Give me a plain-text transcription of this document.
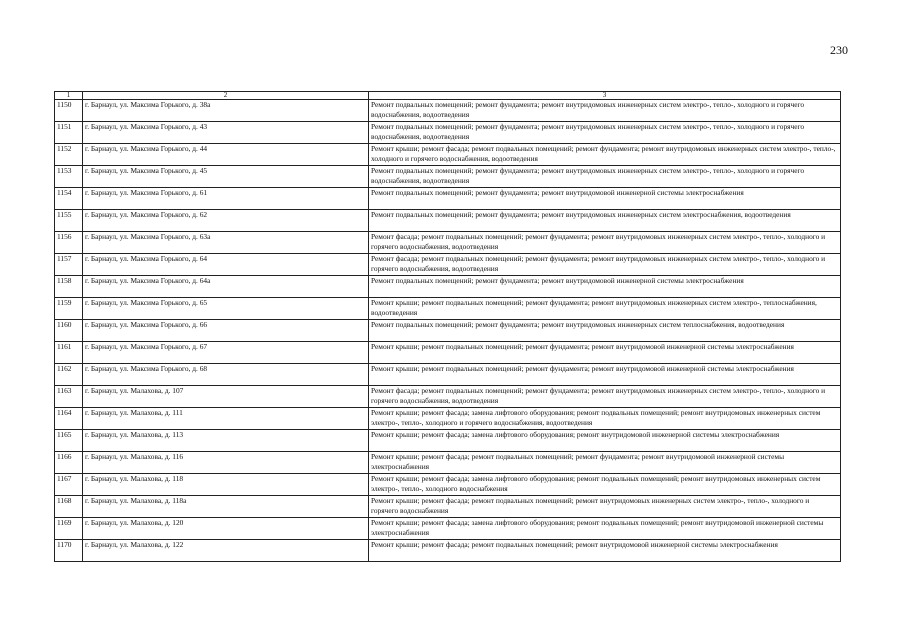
230
1	2	3
1150	г. Барнаул, ул. Максима Горького, д. 38а	Ремонт подвальных помещений; ремонт фундамента; ремонт внутридомовых инженерных систем электро-, тепло-, холодного и горячего водоснабжения, водоотведения
1151	г. Барнаул, ул. Максима Горького, д. 43	Ремонт подвальных помещений; ремонт фундамента; ремонт внутридомовых инженерных систем электро-, тепло-, холодного и горячего водоснабжения, водоотведения
1152	г. Барнаул, ул. Максима Горького, д. 44	Ремонт крыши; ремонт фасада; ремонт подвальных помещений; ремонт фундамента; ремонт внутридомовых инженерных систем электро-, тепло-, холодного и горячего водоснабжения, водоотведения
1153	г. Барнаул, ул. Максима Горького, д. 45	Ремонт подвальных помещений; ремонт фундамента; ремонт внутридомовых инженерных систем электро-, тепло-, холодного и горячего водоснабжения, водоотведения
1154	г. Барнаул, ул. Максима Горького, д. 61	Ремонт подвальных помещений; ремонт фундамента; ремонт внутридомовой инженерной системы электроснабжения
1155	г. Барнаул, ул. Максима Горького, д. 62	Ремонт подвальных помещений; ремонт фундамента; ремонт внутридомовых инженерных систем электроснабжения, водоотведения
1156	г. Барнаул, ул. Максима Горького, д. 63а	Ремонт фасада; ремонт подвальных помещений; ремонт фундамента; ремонт внутридомовых инженерных систем электро-, тепло-, холодного и горячего водоснабжения, водоотведения
1157	г. Барнаул, ул. Максима Горького, д. 64	Ремонт фасада; ремонт подвальных помещений; ремонт фундамента; ремонт внутридомовых инженерных систем электро-, тепло-, холодного и горячего водоснабжения, водоотведения
1158	г. Барнаул, ул. Максима Горького, д. 64а	Ремонт подвальных помещений; ремонт фундамента; ремонт внутридомовой инженерной системы электроснабжения
1159	г. Барнаул, ул. Максима Горького, д. 65	Ремонт крыши; ремонт подвальных помещений; ремонт фундамента; ремонт внутридомовых инженерных систем электро-, теплоснабжения, водоотведения
1160	г. Барнаул, ул. Максима Горького, д. 66	Ремонт подвальных помещений; ремонт фундамента; ремонт внутридомовых инженерных систем теплоснабжения, водоотведения
1161	г. Барнаул, ул. Максима Горького, д. 67	Ремонт крыши; ремонт подвальных помещений; ремонт фундамента; ремонт внутридомовой инженерной системы электроснабжения
1162	г. Барнаул, ул. Максима Горького, д. 68	Ремонт крыши; ремонт подвальных помещений; ремонт фундамента; ремонт внутридомовой инженерной системы электроснабжения
1163	г. Барнаул, ул. Малахова, д. 107	Ремонт фасада; ремонт подвальных помещений; ремонт фундамента; ремонт внутридомовых инженерных систем электро-, тепло-, холодного и горячего водоснабжения, водоотведения
1164	г. Барнаул, ул. Малахова, д. 111	Ремонт крыши; ремонт фасада; замена лифтового оборудования; ремонт подвальных помещений; ремонт внутридомовых инженерных систем электро-, тепло-, холодного и горячего водоснабжения, водоотведения
1165	г. Барнаул, ул. Малахова, д. 113	Ремонт крыши; ремонт фасада; замена лифтового оборудования; ремонт внутридомовой инженерной системы электроснабжения
1166	г. Барнаул, ул. Малахова, д. 116	Ремонт крыши; ремонт фасада; ремонт подвальных помещений; ремонт фундамента; ремонт внутридомовой инженерной системы электроснабжения
1167	г. Барнаул, ул. Малахова, д. 118	Ремонт крыши; ремонт фасада; замена лифтового оборудования; ремонт подвальных помещений; ремонт внутридомовых инженерных систем электро-, тепло-, холодного водоснабжения
1168	г. Барнаул, ул. Малахова, д. 118а	Ремонт крыши; ремонт фасада; ремонт подвальных помещений; ремонт внутридомовых инженерных систем электро-, тепло-, холодного и горячего водоснабжения
1169	г. Барнаул, ул. Малахова, д. 120	Ремонт крыши; ремонт фасада; замена лифтового оборудования; ремонт подвальных помещений; ремонт внутридомовой инженерной системы электроснабжения
1170	г. Барнаул, ул. Малахова, д. 122	Ремонт крыши; ремонт фасада; ремонт подвальных помещений; ремонт внутридомовой инженерной системы электроснабжения
